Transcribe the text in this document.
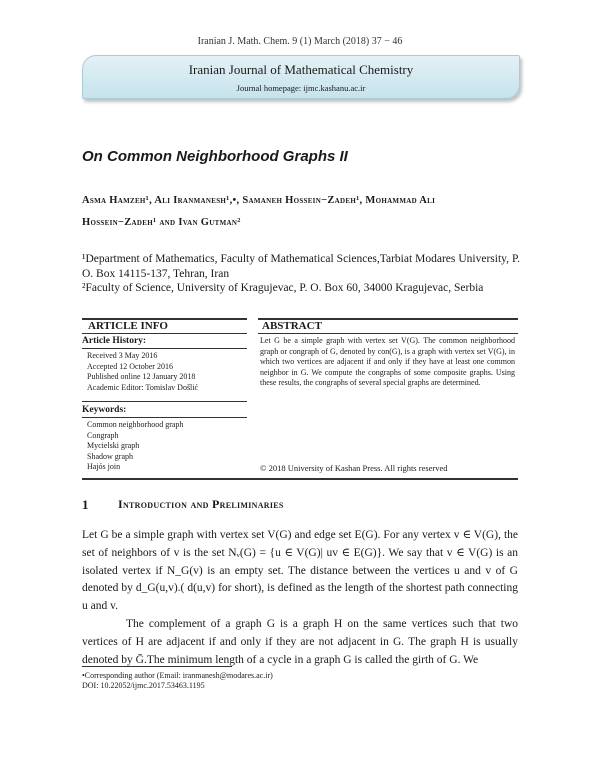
Iranian J. Math. Chem. 9 (1) March (2018) 37 − 46
Iranian Journal of Mathematical Chemistry
Journal homepage: ijmc.kashanu.ac.ir
On Common Neighborhood Graphs II
Asma Hamzeh¹, Ali Iranmanesh¹,•, Samaneh Hossein−Zadeh¹, Mohammad Ali
Hossein−Zadeh¹ and Ivan Gutman²
¹Department of Mathematics, Faculty of Mathematical Sciences,Tarbiat Modares University, P. O. Box 14115-137, Tehran, Iran
²Faculty of Science, University of Kragujevac, P. O. Box 60, 34000 Kragujevac, Serbia
ARTICLE INFO	ABSTRACT
Article History:
Received 3 May 2016
Accepted 12 October 2016
Published online 12 January 2018
Academic Editor: Tomislav Došlić
Keywords:
Common neighborhood graph
Congraph
Mycielski graph
Shadow graph
Hajós join
Let G be a simple graph with vertex set V(G). The common neighborhood graph or congraph of G, denoted by con(G), is a graph with vertex set V(G), in which two vertices are adjacent if and only if they have at least one common neighbor in G. We compute the congraphs of some composite graphs. Using these results, the congraphs of several special graphs are determined.
© 2018 University of Kashan Press. All rights reserved
1 Introduction and Preliminaries

Let G be a simple graph with vertex set V(G) and edge set E(G). For any vertex v ∈ V(G), the set of neighbors of v is the set Nᵥ(G) = {u ∈ V(G)| uv ∈ E(G)}. We say that v ∈ V(G) is an isolated vertex if N_G(v) is an empty set. The distance between the vertices u and v of G denoted by d_G(u,v).( d(u,v) for short), is defined as the length of the shortest path connecting u and v.

The complement of a graph G is a graph H on the same vertices such that two vertices of H are adjacent if and only if they are not adjacent in G. The graph H is usually denoted by Ḡ.The minimum length of a cycle in a graph G is called the girth of G. We

•Corresponding author (Email: iranmanesh@modares.ac.ir)
DOI: 10.22052/ijmc.2017.53463.1195
